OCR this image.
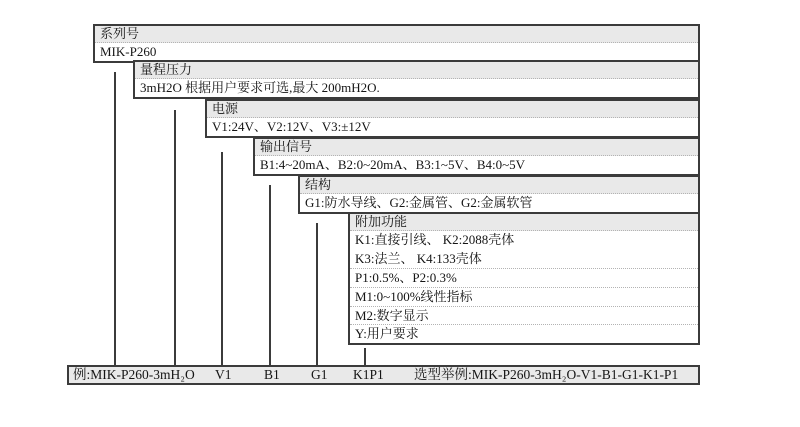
系列号
MIK-P260
量程压力
3mH2O 根据用户要求可选,最大 200mH2O.
电源
V1:24V、V2:12V、V3:±12V
输出信号
B1:4~20mA、B2:0~20mA、B3:1~5V、B4:0~5V
结构
G1:防水导线、G2:金属管、G2:金属软管
附加功能
K1:直接引线、 K2:2088壳体
K3:法兰、 K4:133壳体
P1:0.5%、P2:0.3%
M1:0~100%线性指标
M2:数字显示
Y:用户要求
例:MIK-P260-3mH₂O V1 B1 G1 K1P1 选型举例:MIK-P260-3mH₂O-V1-B1-G1-K1-P1
